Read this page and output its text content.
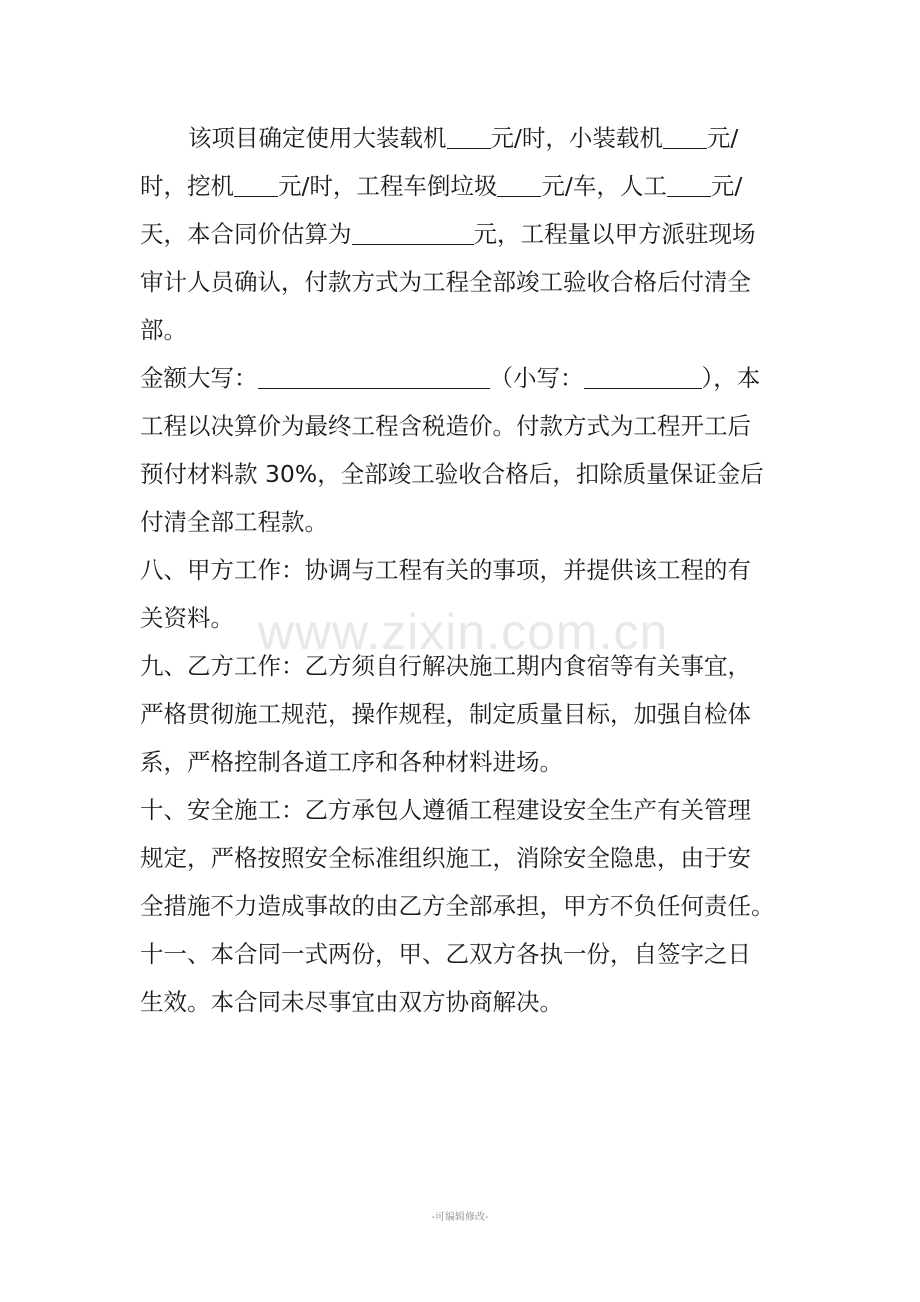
www.zixin.com.cn
该项目确定使用大装载机 元/时，小装载机 元/
时，挖机 元/时，工程车倒垃圾 元/车，人工 元/
天，本合同价估算为	元，工程量以甲方派驻现场
审计人员确认，付款方式为工程全部竣工验收合格后付清全
部。
金额大写：	（小写：	），本
工程以决算价为最终工程含税造价。付款方式为工程开工后
预付材料款 30%，全部竣工验收合格后，扣除质量保证金后
付清全部工程款。
八、甲方工作：协调与工程有关的事项，并提供该工程的有
关资料。
九、乙方工作：乙方须自行解决施工期内食宿等有关事宜，
严格贯彻施工规范，操作规程，制定质量目标，加强自检体
系，严格控制各道工序和各种材料进场。
十、安全施工：乙方承包人遵循工程建设安全生产有关管理
规定，严格按照安全标准组织施工，消除安全隐患，由于安
全措施不力造成事故的由乙方全部承担，甲方不负任何责任。
十一、本合同一式两份，甲、乙双方各执一份，自签字之日
生效。本合同未尽事宜由双方协商解决。
-可编辑修改-
